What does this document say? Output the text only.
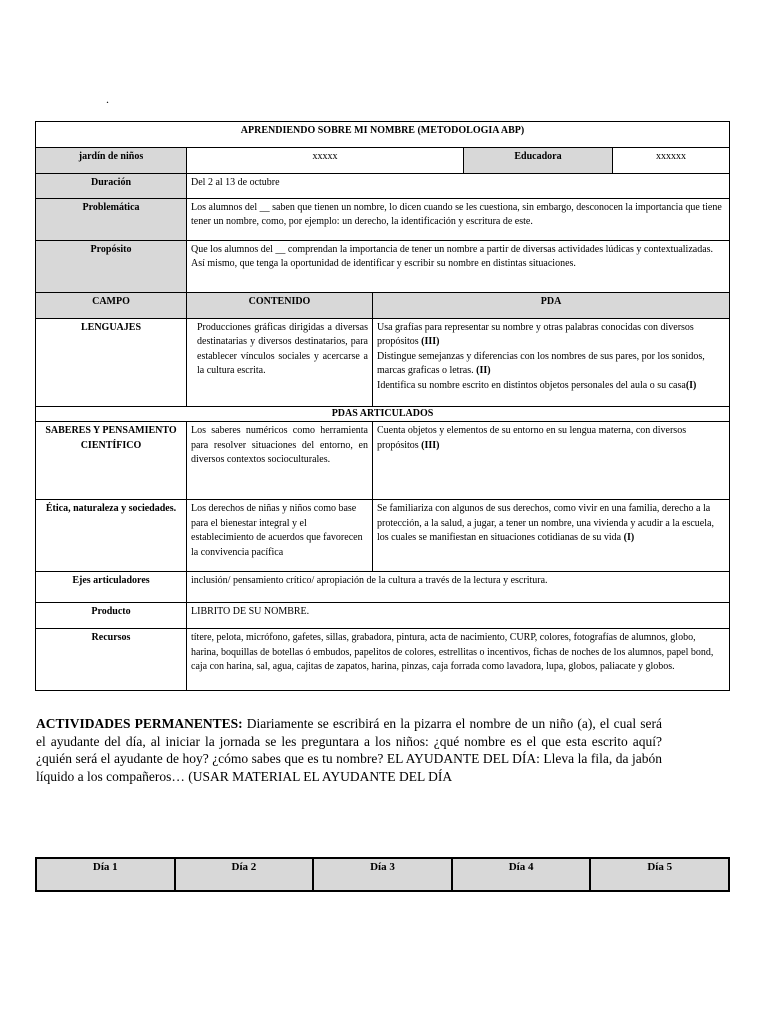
.
APRENDIENDO SOBRE MI NOMBRE (METODOLOGIA ABP)				
jardín de niños	xxxxx		Educadora	xxxxxx
Duración	Del 2 al 13 de octubre			
Problemática	Los alumnos del __ saben que tienen un nombre, lo dicen cuando se les cuestiona, sin embargo, desconocen la importancia que tiene tener un nombre, como, por ejemplo: un derecho, la identificación y escritura de este.			
Propósito	Que los alumnos del __ comprendan la importancia de tener un nombre a partir de diversas actividades lúdicas y contextualizadas. Así mismo, que tenga la oportunidad de identificar y escribir su nombre en distintas situaciones.			
CAMPO	CONTENIDO	PDA		
LENGUAJES	Producciones gráficas dirigidas a diversas destinatarias y diversos destinatarios, para establecer vínculos sociales y acercarse a la cultura escrita.	Usa grafías para representar su nombre y otras palabras conocidas con diversos propósitos (III)
Distingue semejanzas y diferencias con los nombres de sus pares, por los sonidos, marcas graficas o letras. (II)
Identifica su nombre escrito en distintos objetos personales del aula o su casa(I)		
PDAS ARTICULADOS				
SABERES Y PENSAMIENTO CIENTÍFICO	Los saberes numéricos como herramienta para resolver situaciones del entorno, en diversos contextos socioculturales.	Cuenta objetos y elementos de su entorno en su lengua materna, con diversos propósitos (III)		
Ética, naturaleza y sociedades.	Los derechos de niñas y niños como base para el bienestar integral y el establecimiento de acuerdos que favorecen la convivencia pacífica	Se familiariza con algunos de sus derechos, como vivir en una familia, derecho a la protección, a la salud, a jugar, a tener un nombre, una vivienda y acudir a la escuela, los cuales se manifiestan en situaciones cotidianas de su vida (I)		
Ejes articuladores	inclusión/ pensamiento crítico/ apropiación de la cultura a través de la lectura y escritura.			
Producto	LIBRITO DE SU NOMBRE.			
Recursos	títere, pelota, micrófono, gafetes, sillas, grabadora, pintura, acta de nacimiento, CURP, colores, fotografías de alumnos, globo, harina, boquillas de botellas ó embudos, papelitos de colores, estrellitas o incentivos, fichas de noches de los alumnos, papel bond, caja con harina, sal, agua, cajitas de zapatos, harina, pinzas, caja forrada como lavadora, lupa, globos, paliacate y globos.			
ACTIVIDADES PERMANENTES: Diariamente se escribirá en la pizarra el nombre de un niño (a), el cual será el ayudante del día, al iniciar la jornada se les preguntara a los niños: ¿qué nombre es el que esta escrito aquí? ¿quién será el ayudante de hoy? ¿cómo sabes que es tu nombre? EL AYUDANTE DEL DÍA: Lleva la fila, da jabón líquido a los compañeros… (USAR MATERIAL EL AYUDANTE DEL DÍA
Día 1	Día 2	Día 3	Día 4	Día 5
